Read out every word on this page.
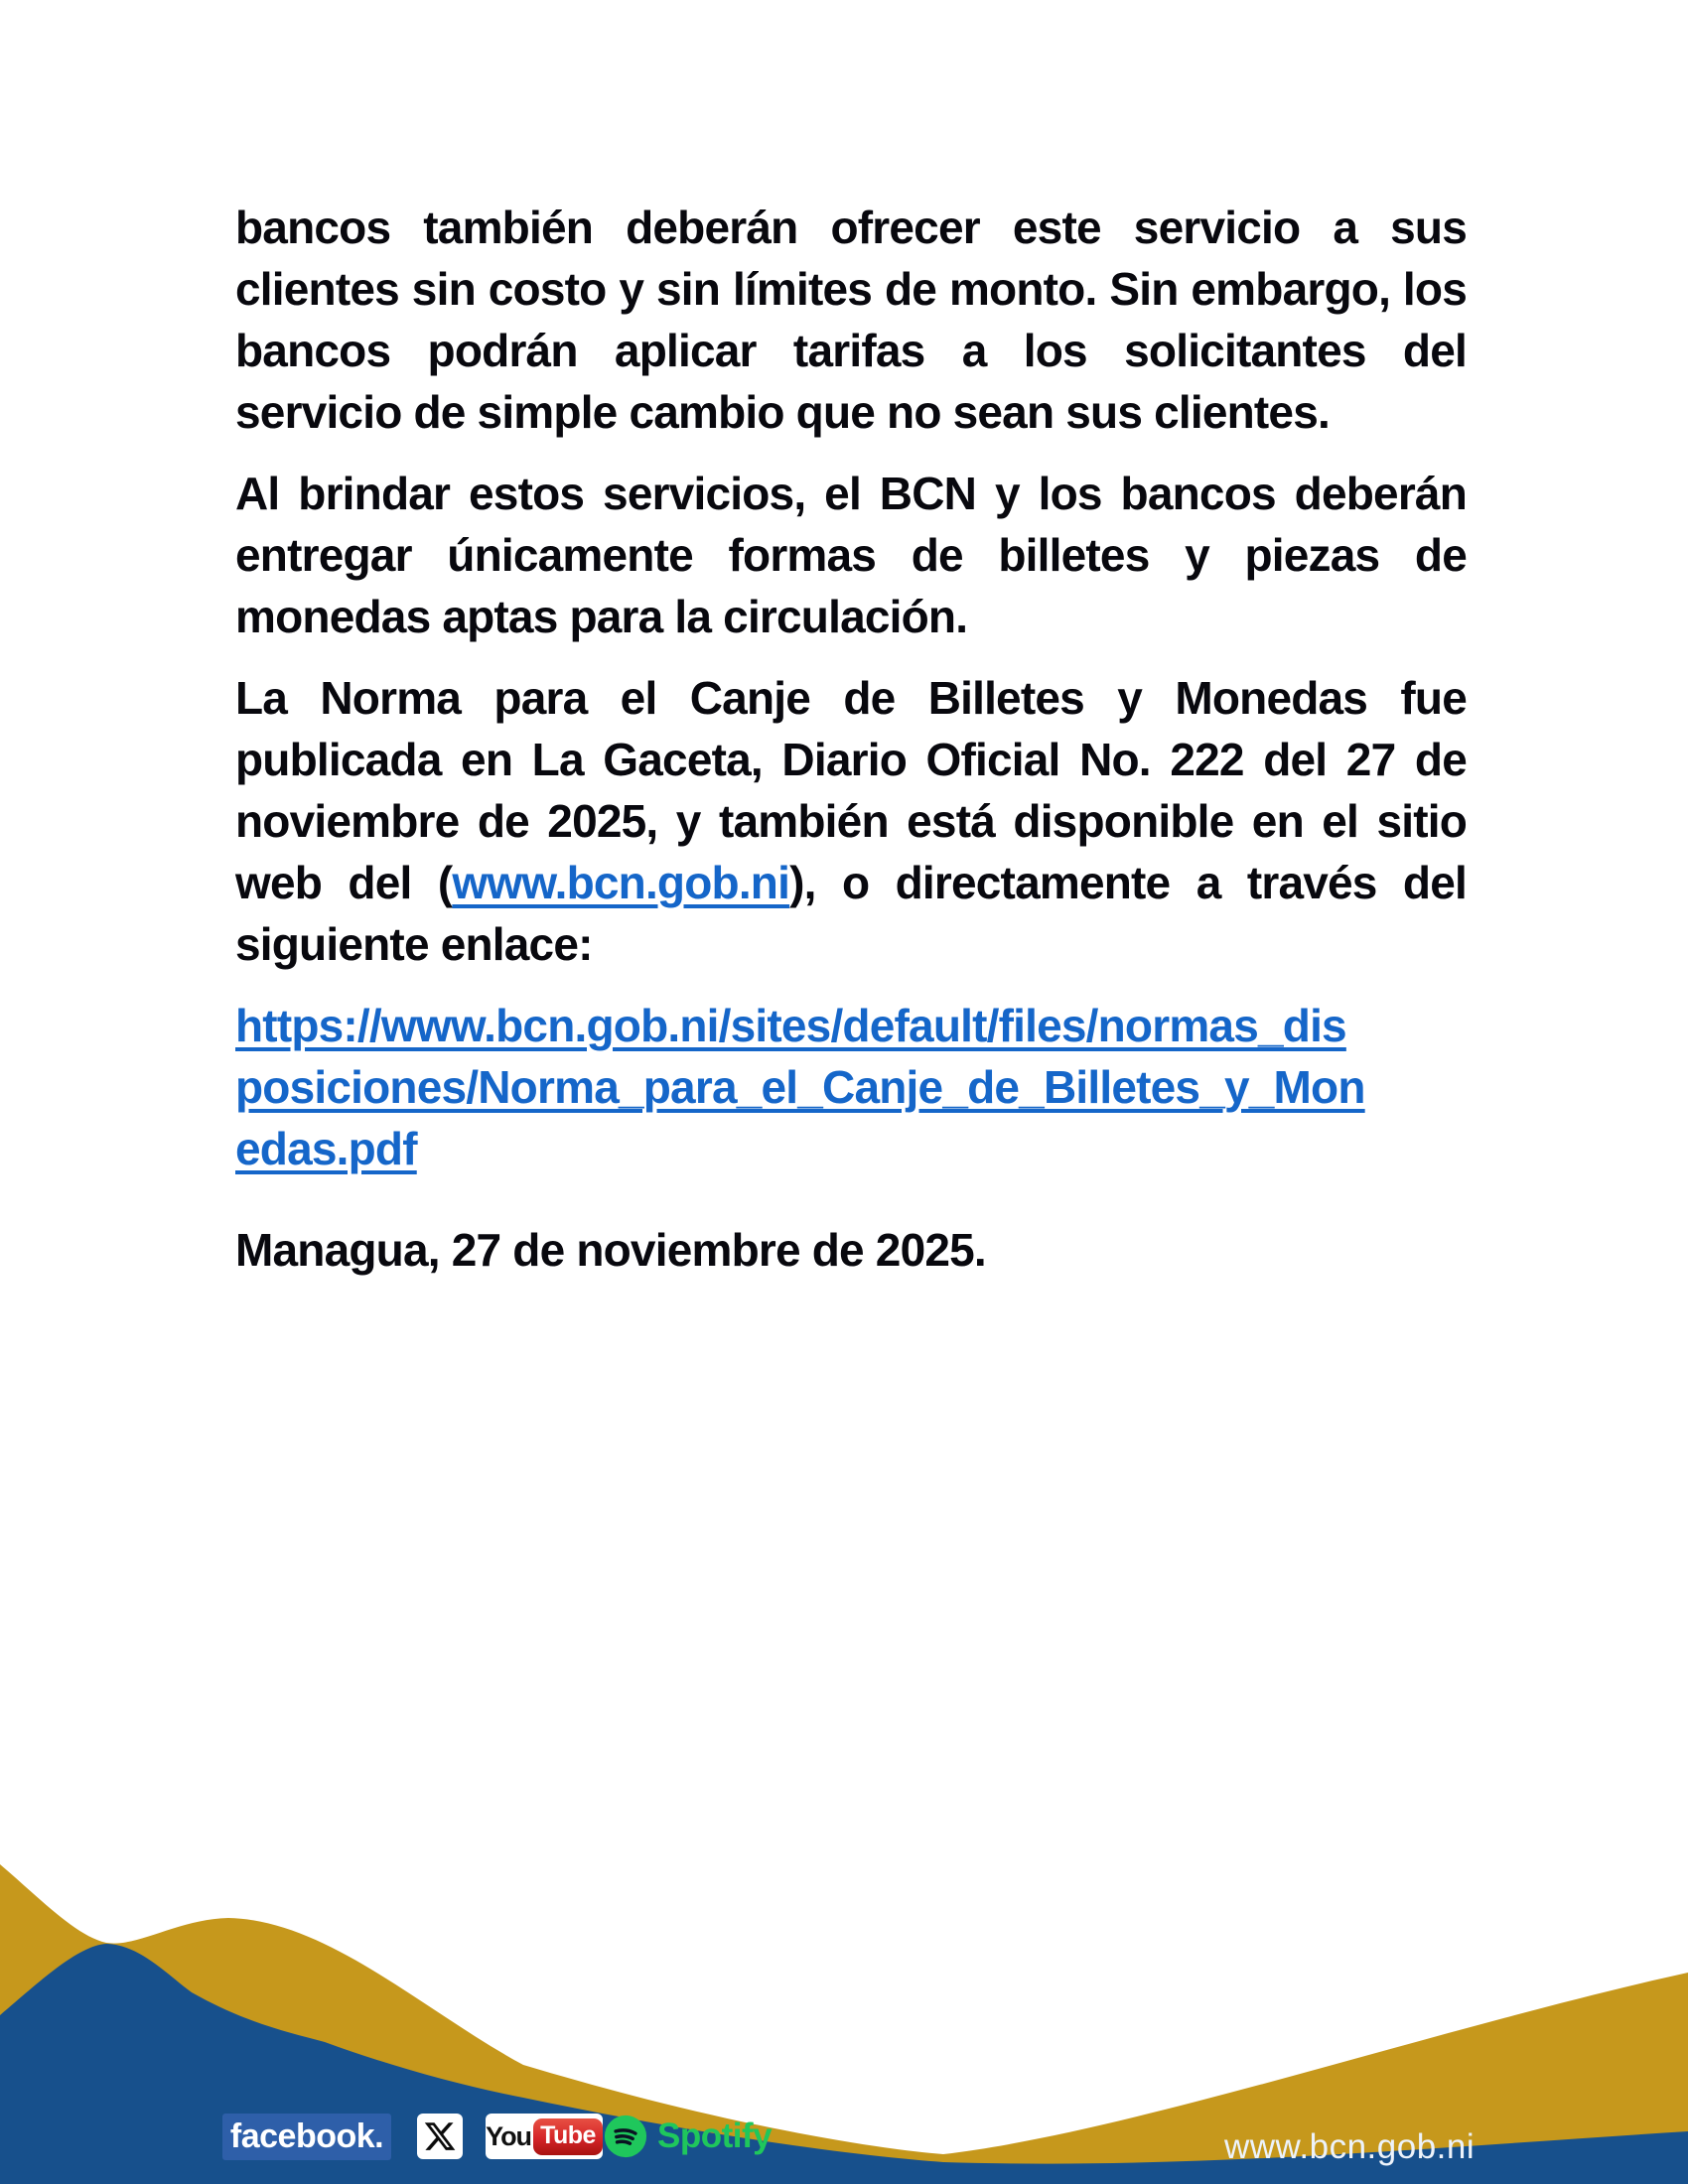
bancos también deberán ofrecer este servicio a sus clientes sin costo y sin límites de monto. Sin embargo, los bancos podrán aplicar tarifas a los solicitantes del servicio de simple cambio que no sean sus clientes.

Al brindar estos servicios, el BCN y los bancos deberán entregar únicamente formas de billetes y piezas de monedas aptas para la circulación.

La Norma para el Canje de Billetes y Monedas fue publicada en La Gaceta, Diario Oficial No. 222 del 27 de noviembre de 2025, y también está disponible en el sitio web del (www.bcn.gob.ni), o directamente a través del siguiente enlace:

https://www.bcn.gob.ni/sites/default/files/normas_dis
posiciones/Norma_para_el_Canje_de_Billetes_y_Mon
edas.pdf

Managua, 27 de noviembre de 2025.

facebook.	You Tube Spotify	www.bcn.gob.ni
